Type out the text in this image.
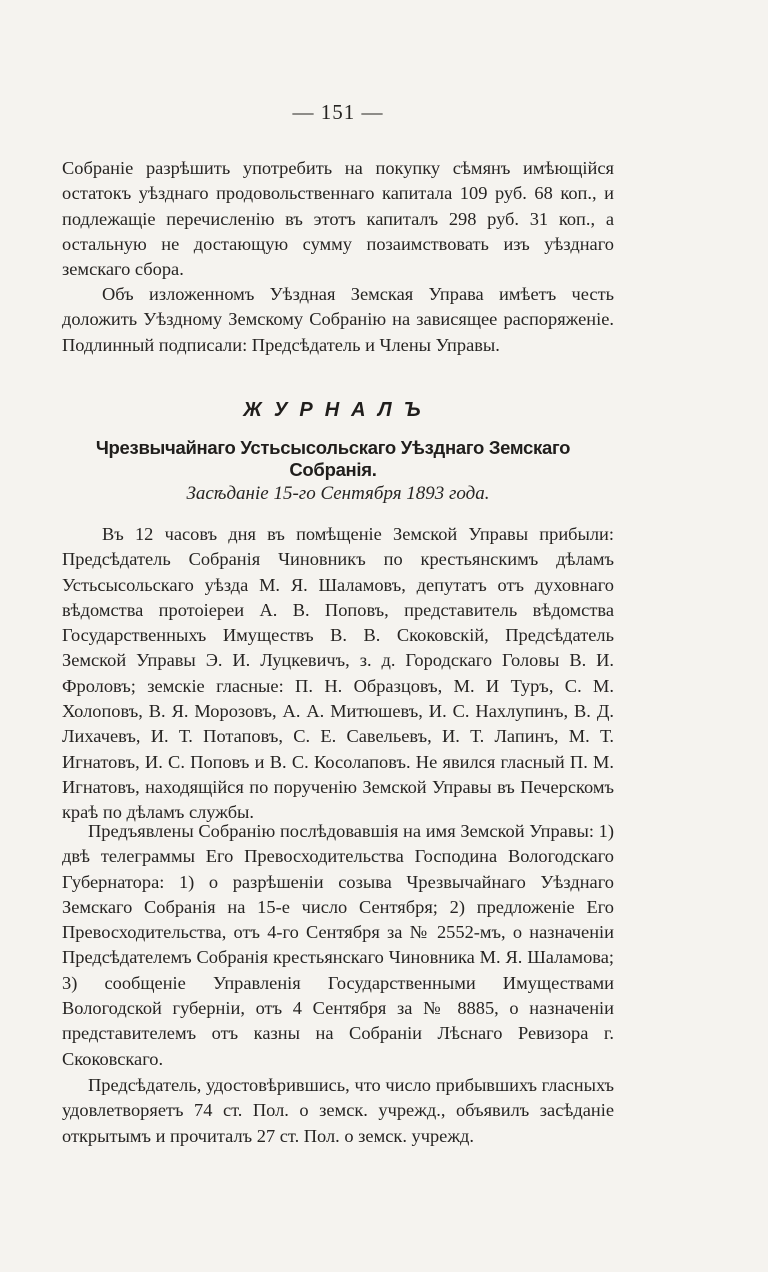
— 151 —
Собраніе разрѣшить употребить на покупку сѣмянъ имѣющійся остатокъ уѣзднаго продовольственнаго капитала 109 руб. 68 коп., и подлежащіе перечисленію въ этотъ капиталъ 298 руб. 31 коп., а остальную не достающую сумму позаимствовать изъ уѣзднаго земскаго сбора.
Объ изложенномъ Уѣздная Земская Управа имѣетъ честь доложить Уѣздному Земскому Собранію на зависящее распоряженіе. Подлинный подписали: Предсѣдатель и Члены Управы.
ЖУРНАЛЪ
Чрезвычайнаго Устьсысольскаго Уѣзднаго Земскаго Собранія.
Засѣданіе 15-го Сентября 1893 года.
Въ 12 часовъ дня въ помѣщеніе Земской Управы прибыли: Предсѣдатель Собранія Чиновникъ по крестьянскимъ дѣламъ Устьсысольскаго уѣзда М. Я. Шаламовъ, депутатъ отъ духовнаго вѣдомства протоіереи А. В. Поповъ, представитель вѣдомства Государственныхъ Имуществъ В. В. Скоковскій, Предсѣдатель Земской Управы Э. И. Луцкевичъ, з. д. Городскаго Головы В. И. Фроловъ; земскіе гласные: П. Н. Образцовъ, М. И Туръ, С. М. Холоповъ, В. Я. Морозовъ, А. А. Митюшевъ, И. С. Нахлупинъ, В. Д. Лихачевъ, И. Т. Потаповъ, С. Е. Савельевъ, И. Т. Лапинъ, М. Т. Игнатовъ, И. С. Поповъ и В. С. Косолаповъ. Не явился гласный П. М. Игнатовъ, находящійся по порученію Земской Управы въ Печерскомъ краѣ по дѣламъ службы.
Предъявлены Собранію послѣдовавшія на имя Земской Управы: 1) двѣ телеграммы Его Превосходительства Господина Вологодскаго Губернатора: 1) о разрѣшеніи созыва Чрезвычайнаго Уѣзднаго Земскаго Собранія на 15-е число Сентября; 2) предложеніе Его Превосходительства, отъ 4-го Сентября за № 2552-мъ, о назначеніи Предсѣдателемъ Собранія крестьянскаго Чиновника М. Я. Шаламова; 3) сообщеніе Управленія Государственными Имуществами Вологодской губерніи, отъ 4 Сентября за № 8885, о назначеніи представителемъ отъ казны на Собраніи Лѣснаго Ревизора г. Скоковскаго.
Предсѣдатель, удостовѣрившись, что число прибывшихъ гласныхъ удовлетворяетъ 74 ст. Пол. о земск. учрежд., объявилъ засѣданіе открытымъ и прочиталъ 27 ст. Пол. о земск. учрежд.
